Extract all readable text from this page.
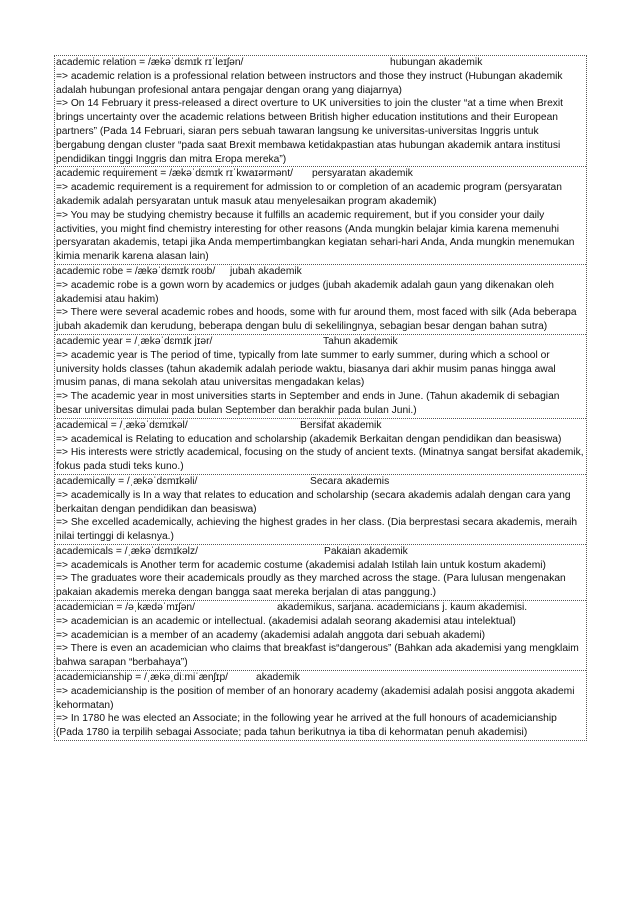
academic relation = /ækəˈdɛmɪk rɪˈleɪʃən/	hubungan akademik
=> academic relation is a professional relation between instructors and those they instruct (Hubungan akademik adalah hubungan profesional antara pengajar dengan orang yang diajarnya)
=> On 14 February it press-released a direct overture to UK universities to join the cluster “at a time when Brexit brings uncertainty over the academic relations between British higher education institutions and their European partners” (Pada 14 Februari, siaran pers sebuah tawaran langsung ke universitas-universitas Inggris untuk bergabung dengan cluster “pada saat Brexit membawa ketidakpastian atas hubungan akademik antara institusi pendidikan tinggi Inggris dan mitra Eropa mereka”)
academic requirement = /ækəˈdɛmɪk rɪˈkwaɪərmənt/ persyaratan akademik
=> academic requirement is a requirement for admission to or completion of an academic program (persyaratan akademik adalah persyaratan untuk masuk atau menyelesaikan program akademik)
=> You may be studying chemistry because it fulfills an academic requirement, but if you consider your daily activities, you might find chemistry interesting for other reasons (Anda mungkin belajar kimia karena memenuhi persyaratan akademis, tetapi jika Anda mempertimbangkan kegiatan sehari-hari Anda, Anda mungkin menemukan kimia menarik karena alasan lain)
academic robe = /ækəˈdɛmɪk roʊb/ jubah akademik
=> academic robe is a gown worn by academics or judges (jubah akademik adalah gaun yang dikenakan oleh akademisi atau hakim)
=> There were several academic robes and hoods, some with fur around them, most faced with silk (Ada beberapa jubah akademik dan kerudung, beberapa dengan bulu di sekelilingnya, sebagian besar dengan bahan sutra)
academic year = /ˌækəˈdɛmɪk jɪər/	Tahun akademik
=> academic year is The period of time, typically from late summer to early summer, during which a school or university holds classes (tahun akademik adalah periode waktu, biasanya dari akhir musim panas hingga awal musim panas, di mana sekolah atau universitas mengadakan kelas)
=> The academic year in most universities starts in September and ends in June. (Tahun akademik di sebagian besar universitas dimulai pada bulan September dan berakhir pada bulan Juni.)
academical = /ˌækəˈdɛmɪkəl/	Bersifat akademik
=> academical is Relating to education and scholarship (akademik Berkaitan dengan pendidikan dan beasiswa)
=> His interests were strictly academical, focusing on the study of ancient texts. (Minatnya sangat bersifat akademik, fokus pada studi teks kuno.)
academically = /ˌækəˈdɛmɪkəli/	Secara akademis
=> academically is In a way that relates to education and scholarship (secara akademis adalah dengan cara yang berkaitan dengan pendidikan dan beasiswa)
=> She excelled academically, achieving the highest grades in her class. (Dia berprestasi secara akademis, meraih nilai tertinggi di kelasnya.)
academicals = /ˌækəˈdɛmɪkəlz/	Pakaian akademik
=> academicals is Another term for academic costume (akademisi adalah Istilah lain untuk kostum akademi)
=> The graduates wore their academicals proudly as they marched across the stage. (Para lulusan mengenakan pakaian akademis mereka dengan bangga saat mereka berjalan di atas panggung.)
academician = /əˌkædəˈmɪʃən/	akademikus, sarjana. academicians j. kaum akademisi.
=> academician is an academic or intellectual. (akademisi adalah seorang akademisi atau intelektual)
=> academician is a member of an academy (akademisi adalah anggota dari sebuah akademi)
=> There is even an academician who claims that breakfast is“dangerous” (Bahkan ada akademisi yang mengklaim bahwa sarapan “berbahaya”)
academicianship = /ˌækəˌdiːmiˈænʃɪp/	akademik
=> academicianship is the position of member of an honorary academy (akademisi adalah posisi anggota akademi kehormatan)
=> In 1780 he was elected an Associate; in the following year he arrived at the full honours of academicianship (Pada 1780 ia terpilih sebagai Associate; pada tahun berikutnya ia tiba di kehormatan penuh akademisi)
